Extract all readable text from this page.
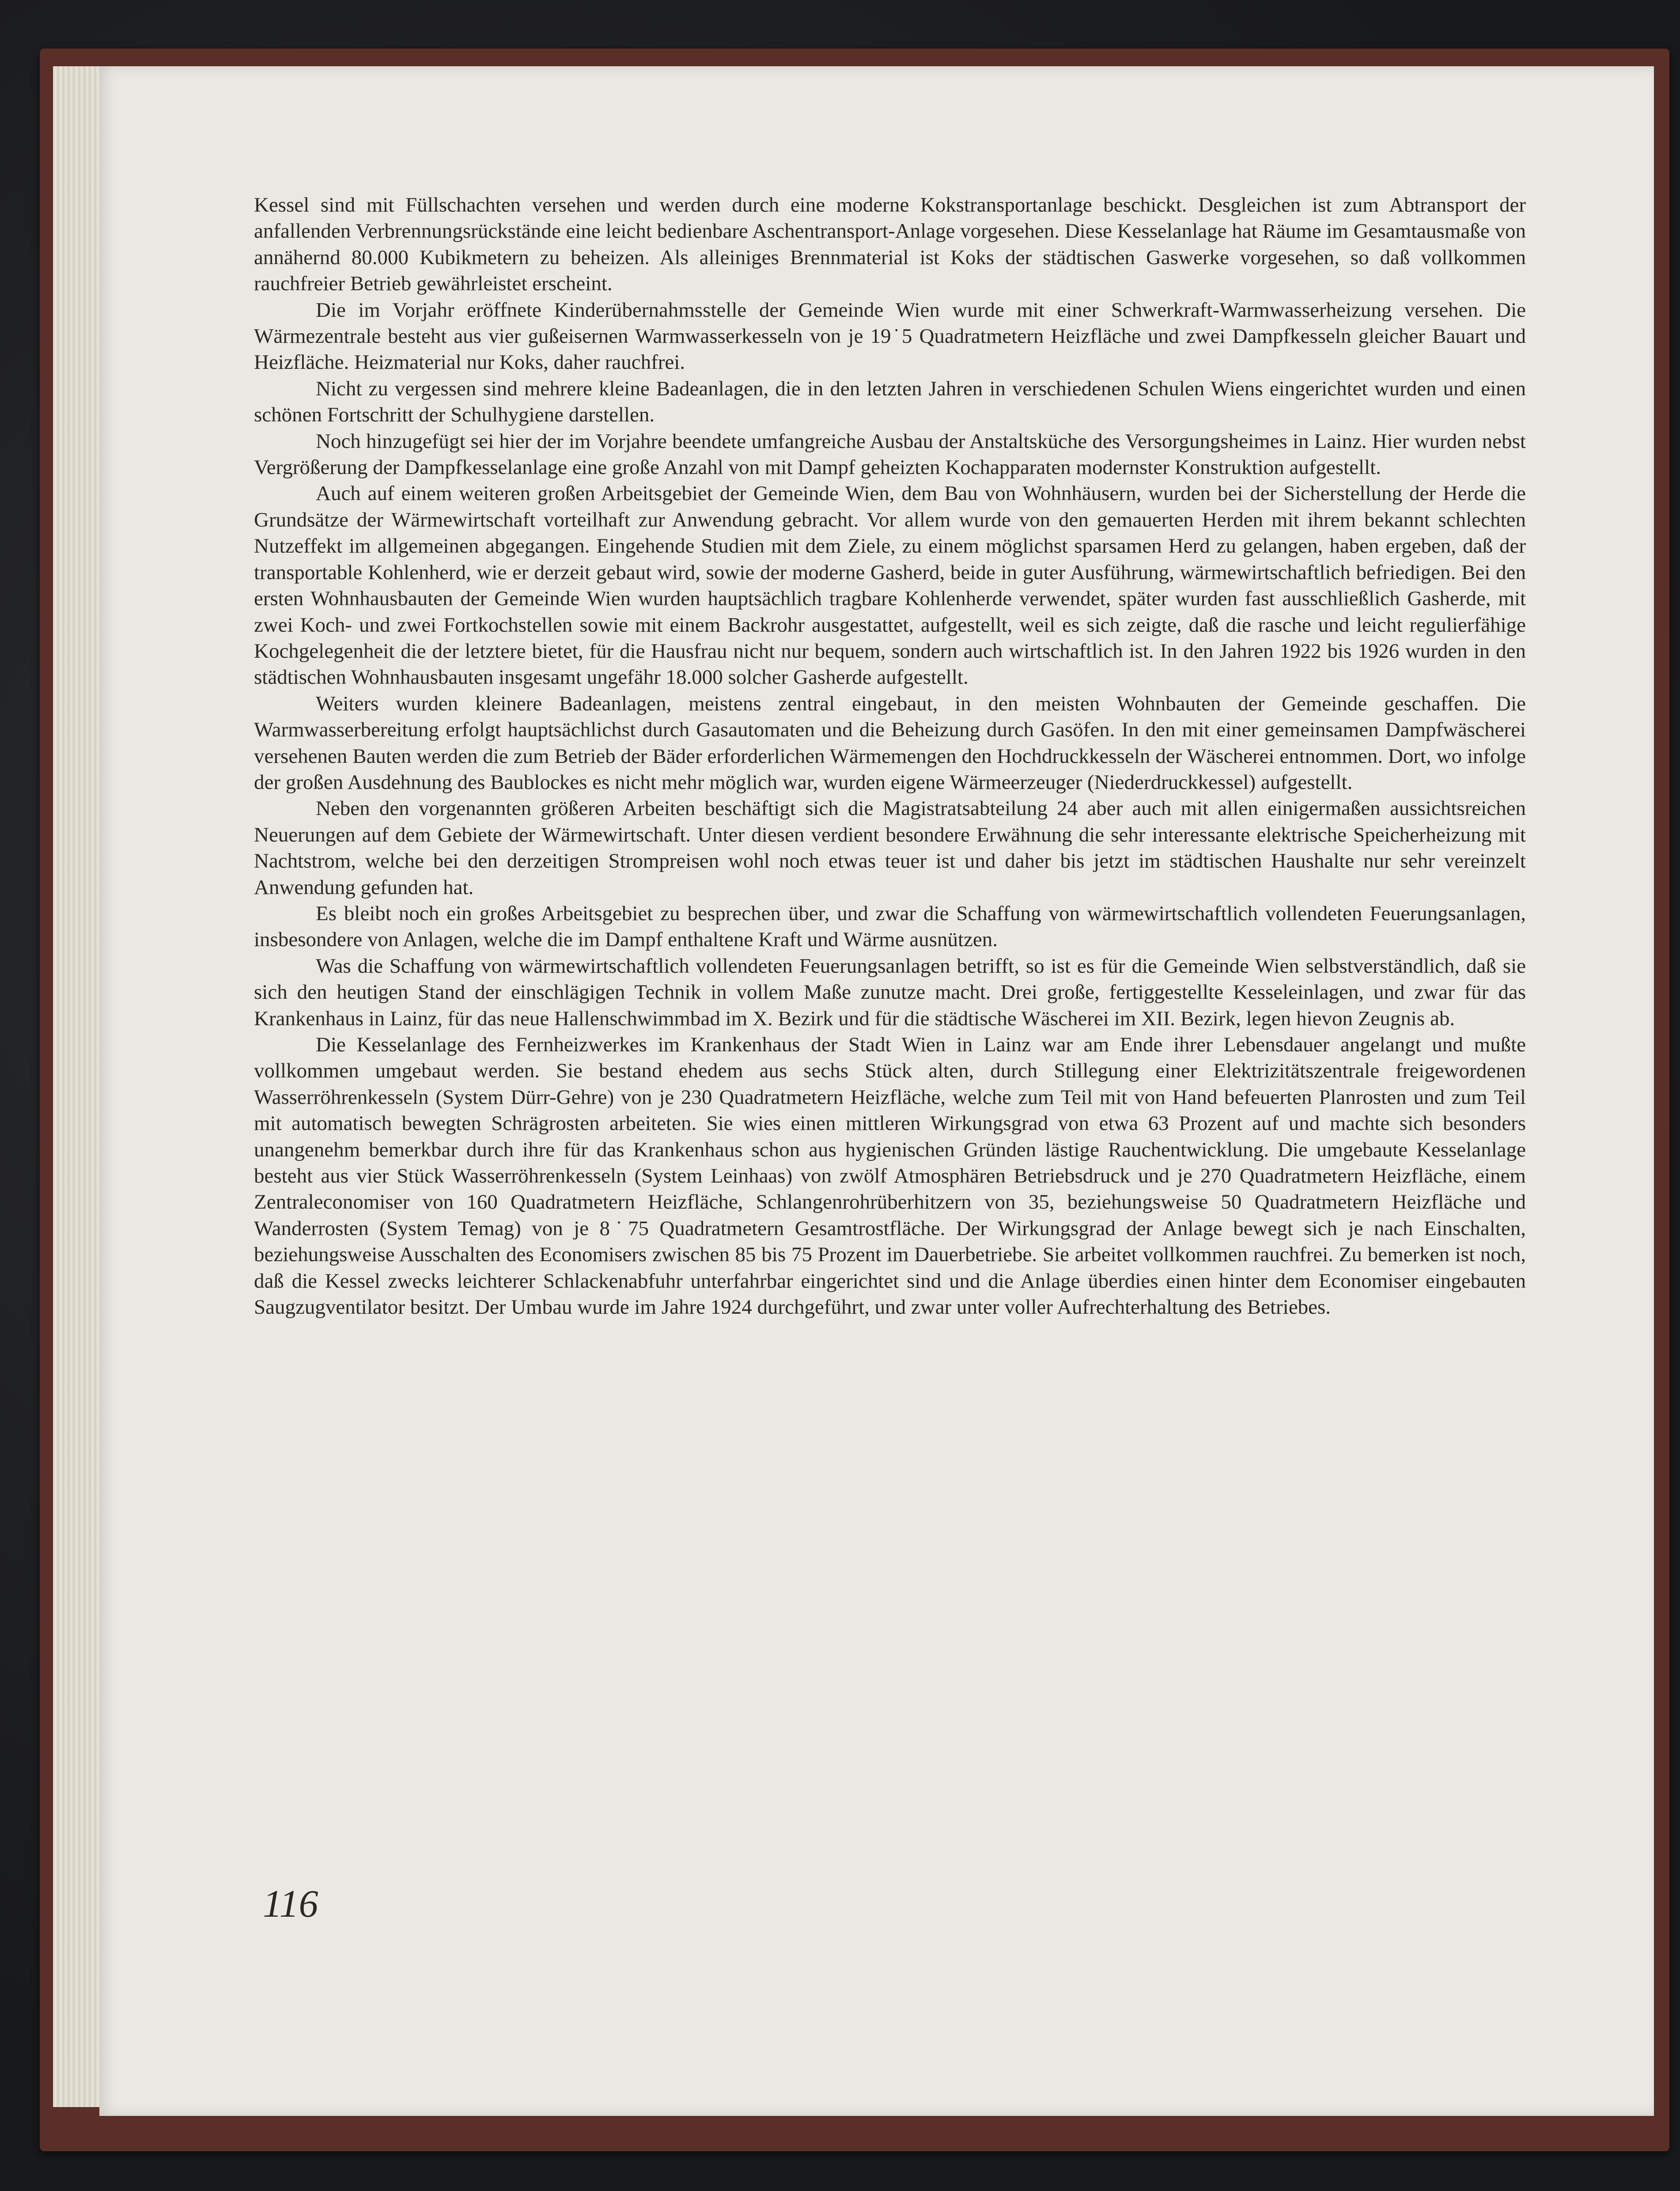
Kessel sind mit Füllschachten versehen und werden durch eine moderne Kokstransportanlage beschickt. Desgleichen ist zum Abtransport der anfallenden Verbrennungsrückstände eine leicht bedienbare Aschentransport-Anlage vorgesehen. Diese Kesselanlage hat Räume im Gesamtausmaße von annähernd 80.000 Kubikmetern zu beheizen. Als alleiniges Brennmaterial ist Koks der städtischen Gaswerke vorgesehen, so daß vollkommen rauchfreier Betrieb gewährleistet erscheint.

Die im Vorjahr eröffnete Kinderübernahmsstelle der Gemeinde Wien wurde mit einer Schwerkraft-Warmwasserheizung versehen. Die Wärmezentrale besteht aus vier gußeisernen Warmwasserkesseln von je 19˙5 Quadratmetern Heizfläche und zwei Dampfkesseln gleicher Bauart und Heizfläche. Heizmaterial nur Koks, daher rauchfrei.

Nicht zu vergessen sind mehrere kleine Badeanlagen, die in den letzten Jahren in verschiedenen Schulen Wiens eingerichtet wurden und einen schönen Fortschritt der Schulhygiene darstellen.

Noch hinzugefügt sei hier der im Vorjahre beendete umfangreiche Ausbau der Anstaltsküche des Versorgungsheimes in Lainz. Hier wurden nebst Vergrößerung der Dampfkesselanlage eine große Anzahl von mit Dampf geheizten Kochapparaten modernster Konstruktion aufgestellt.

Auch auf einem weiteren großen Arbeitsgebiet der Gemeinde Wien, dem Bau von Wohnhäusern, wurden bei der Sicherstellung der Herde die Grundsätze der Wärmewirtschaft vorteilhaft zur Anwendung gebracht. Vor allem wurde von den gemauerten Herden mit ihrem bekannt schlechten Nutzeffekt im allgemeinen abgegangen. Eingehende Studien mit dem Ziele, zu einem möglichst sparsamen Herd zu gelangen, haben ergeben, daß der transportable Kohlenherd, wie er derzeit gebaut wird, sowie der moderne Gasherd, beide in guter Ausführung, wärmewirtschaftlich befriedigen. Bei den ersten Wohnhausbauten der Gemeinde Wien wurden hauptsächlich tragbare Kohlenherde verwendet, später wurden fast ausschließlich Gasherde, mit zwei Koch- und zwei Fortkochstellen sowie mit einem Backrohr ausgestattet, aufgestellt, weil es sich zeigte, daß die rasche und leicht regulierfähige Kochgelegenheit die der letztere bietet, für die Hausfrau nicht nur bequem, sondern auch wirtschaftlich ist. In den Jahren 1922 bis 1926 wurden in den städtischen Wohnhausbauten insgesamt ungefähr 18.000 solcher Gasherde aufgestellt.

Weiters wurden kleinere Badeanlagen, meistens zentral eingebaut, in den meisten Wohnbauten der Gemeinde geschaffen. Die Warmwasserbereitung erfolgt hauptsächlichst durch Gasautomaten und die Beheizung durch Gasöfen. In den mit einer gemeinsamen Dampfwäscherei versehenen Bauten werden die zum Betrieb der Bäder erforderlichen Wärmemengen den Hochdruckkesseln der Wäscherei entnommen. Dort, wo infolge der großen Ausdehnung des Baublockes es nicht mehr möglich war, wurden eigene Wärmeerzeuger (Niederdruckkessel) aufgestellt.

Neben den vorgenannten größeren Arbeiten beschäftigt sich die Magistratsabteilung 24 aber auch mit allen einigermaßen aussichtsreichen Neuerungen auf dem Gebiete der Wärmewirtschaft. Unter diesen verdient besondere Erwähnung die sehr interessante elektrische Speicherheizung mit Nachtstrom, welche bei den derzeitigen Strompreisen wohl noch etwas teuer ist und daher bis jetzt im städtischen Haushalte nur sehr vereinzelt Anwendung gefunden hat.

Es bleibt noch ein großes Arbeitsgebiet zu besprechen über, und zwar die Schaffung von wärmewirtschaftlich vollendeten Feuerungsanlagen, insbesondere von Anlagen, welche die im Dampf enthaltene Kraft und Wärme ausnützen.

Was die Schaffung von wärmewirtschaftlich vollendeten Feuerungsanlagen betrifft, so ist es für die Gemeinde Wien selbstverständlich, daß sie sich den heutigen Stand der einschlägigen Technik in vollem Maße zunutze macht. Drei große, fertiggestellte Kesseleinlagen, und zwar für das Krankenhaus in Lainz, für das neue Hallenschwimmbad im X. Bezirk und für die städtische Wäscherei im XII. Bezirk, legen hievon Zeugnis ab.

Die Kesselanlage des Fernheizwerkes im Krankenhaus der Stadt Wien in Lainz war am Ende ihrer Lebensdauer angelangt und mußte vollkommen umgebaut werden. Sie bestand ehedem aus sechs Stück alten, durch Stillegung einer Elektrizitätszentrale freigewordenen Wasserröhrenkesseln (System Dürr-Gehre) von je 230 Quadratmetern Heizfläche, welche zum Teil mit von Hand befeuerten Planrosten und zum Teil mit automatisch bewegten Schrägrosten arbeiteten. Sie wies einen mittleren Wirkungsgrad von etwa 63 Prozent auf und machte sich besonders unangenehm bemerkbar durch ihre für das Krankenhaus schon aus hygienischen Gründen lästige Rauchentwicklung. Die umgebaute Kesselanlage besteht aus vier Stück Wasserröhrenkesseln (System Leinhaas) von zwölf Atmosphären Betriebsdruck und je 270 Quadratmetern Heizfläche, einem Zentraleconomiser von 160 Quadratmetern Heizfläche, Schlangenrohrüberhitzern von 35, beziehungsweise 50 Quadratmetern Heizfläche und Wanderrosten (System Temag) von je 8˙75 Quadratmetern Gesamtrostfläche. Der Wirkungsgrad der Anlage bewegt sich je nach Einschalten, beziehungsweise Ausschalten des Economisers zwischen 85 bis 75 Prozent im Dauerbetriebe. Sie arbeitet vollkommen rauchfrei. Zu bemerken ist noch, daß die Kessel zwecks leichterer Schlackenabfuhr unterfahrbar eingerichtet sind und die Anlage überdies einen hinter dem Economiser eingebauten Saugzugventilator besitzt. Der Umbau wurde im Jahre 1924 durchgeführt, und zwar unter voller Aufrechterhaltung des Betriebes.

116
